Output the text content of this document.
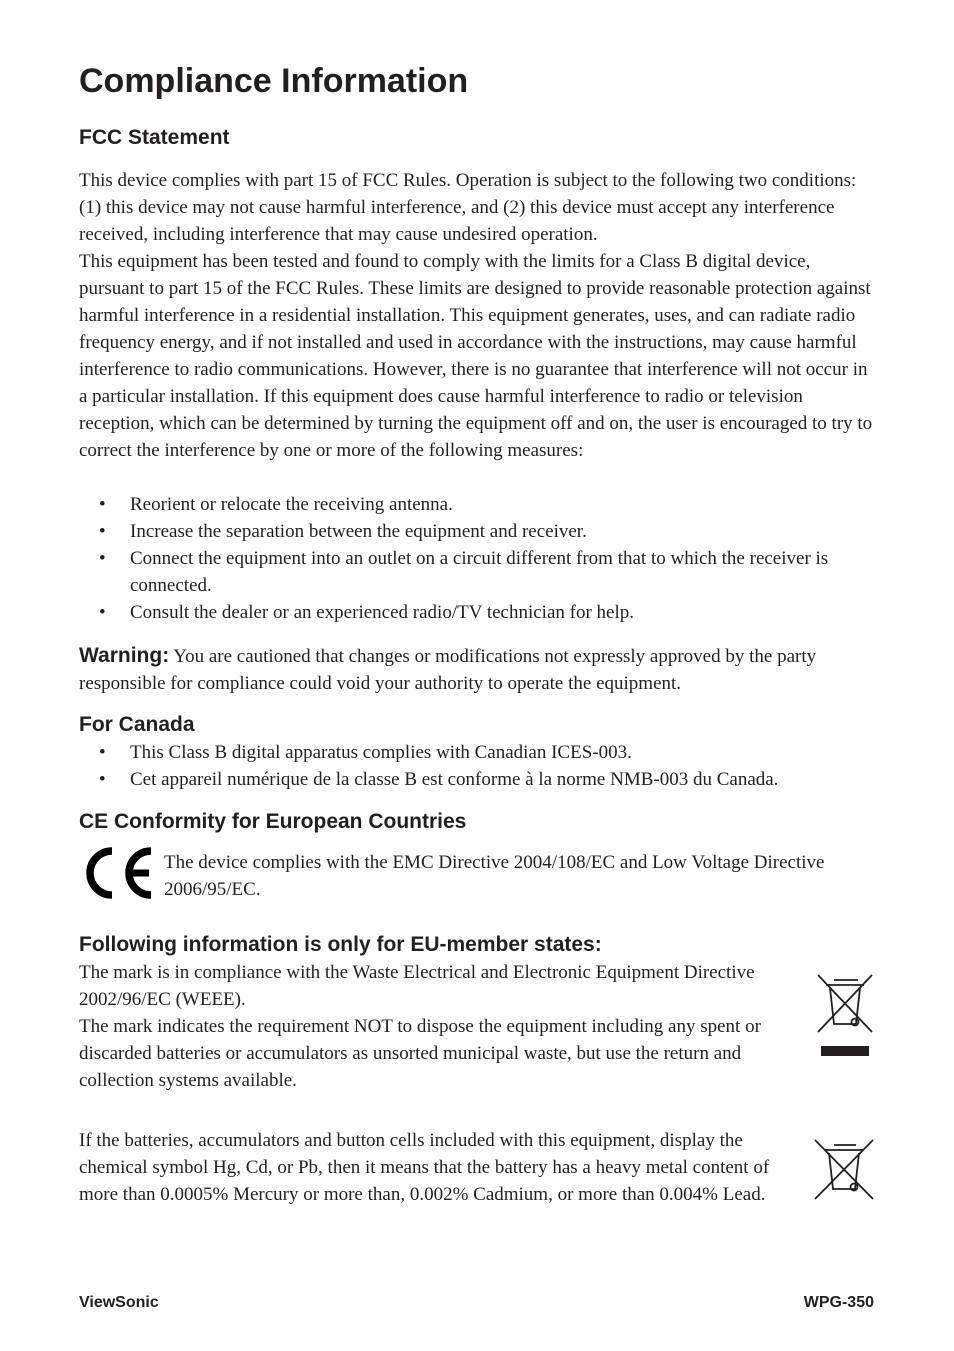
Compliance Information
FCC Statement

This device complies with part 15 of FCC Rules. Operation is subject to the following two conditions: (1) this device may not cause harmful interference, and (2) this device must accept any interference received, including interference that may cause undesired operation.

This equipment has been tested and found to comply with the limits for a Class B digital device, pursuant to part 15 of the FCC Rules. These limits are designed to provide reasonable protection against harmful interference in a residential installation. This equipment generates, uses, and can radiate radio frequency energy, and if not installed and used in accordance with the instructions, may cause harmful interference to radio communications. However, there is no guarantee that interference will not occur in a particular installation. If this equipment does cause harmful interference to radio or television reception, which can be determined by turning the equipment off and on, the user is encouraged to try to correct the interference by one or more of the following measures:

• Reorient or relocate the receiving antenna.
• Increase the separation between the equipment and receiver.
• Connect the equipment into an outlet on a circuit different from that to which the receiver is connected.
• Consult the dealer or an experienced radio/TV technician for help.
Warning: You are cautioned that changes or modifications not expressly approved by the party responsible for compliance could void your authority to operate the equipment.
For Canada
• This Class B digital apparatus complies with Canadian ICES-003.
• Cet appareil numérique de la classe B est conforme à la norme NMB-003 du Canada.
CE Conformity for European Countries
The device complies with the EMC Directive 2004/108/EC and Low Voltage Directive 2006/95/EC.
Following information is only for EU-member states:

The mark is in compliance with the Waste Electrical and Electronic Equipment Directive 2002/96/EC (WEEE).

The mark indicates the requirement NOT to dispose the equipment including any spent or discarded batteries or accumulators as unsorted municipal waste, but use the return and collection systems available.

If the batteries, accumulators and button cells included with this equipment, display the chemical symbol Hg, Cd, or Pb, then it means that the battery has a heavy metal content of more than 0.0005% Mercury or more than, 0.002% Cadmium, or more than 0.004% Lead.
ViewSonic	WPG-350
